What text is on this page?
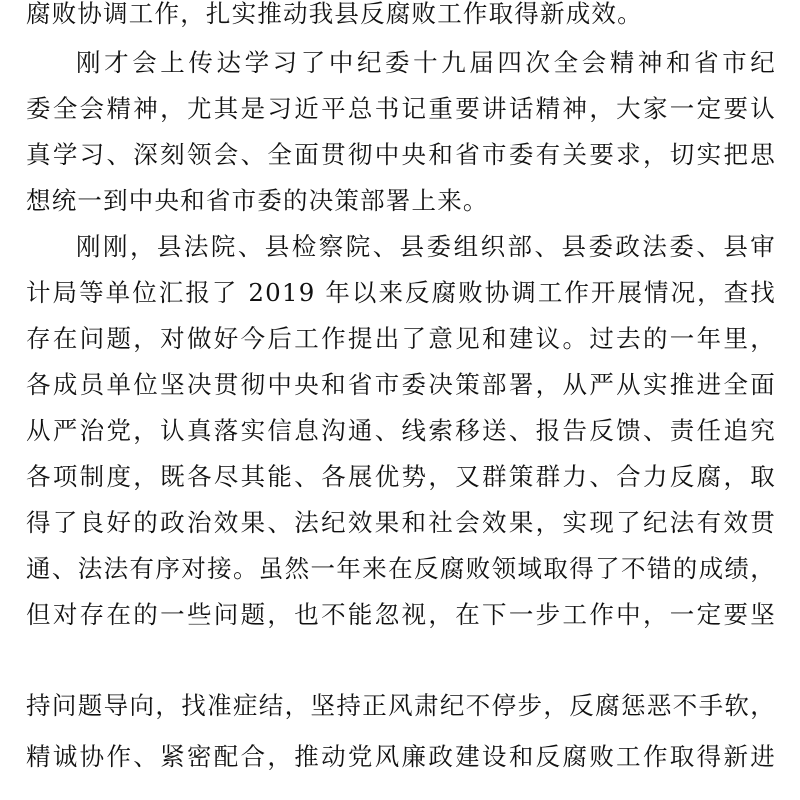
腐败协调工作，扎实推动我县反腐败工作取得新成效。
刚才会上传达学习了中纪委十九届四次全会精神和省市纪
委全会精神，尤其是习近平总书记重要讲话精神，大家一定要认
真学习、深刻领会、全面贯彻中央和省市委有关要求，切实把思
想统一到中央和省市委的决策部署上来。
刚刚，县法院、县检察院、县委组织部、县委政法委、县审
计局等单位汇报了 2019 年以来反腐败协调工作开展情况，查找
存在问题，对做好今后工作提出了意见和建议。过去的一年里，
各成员单位坚决贯彻中央和省市委决策部署，从严从实推进全面
从严治党，认真落实信息沟通、线索移送、报告反馈、责任追究
各项制度，既各尽其能、各展优势，又群策群力、合力反腐，取
得了良好的政治效果、法纪效果和社会效果，实现了纪法有效贯
通、法法有序对接。虽然一年来在反腐败领域取得了不错的成绩，
但对存在的一些问题，也不能忽视，在下一步工作中，一定要坚
持问题导向，找准症结，坚持正风肃纪不停步，反腐惩恶不手软，
精诚协作、紧密配合，推动党风廉政建设和反腐败工作取得新进
